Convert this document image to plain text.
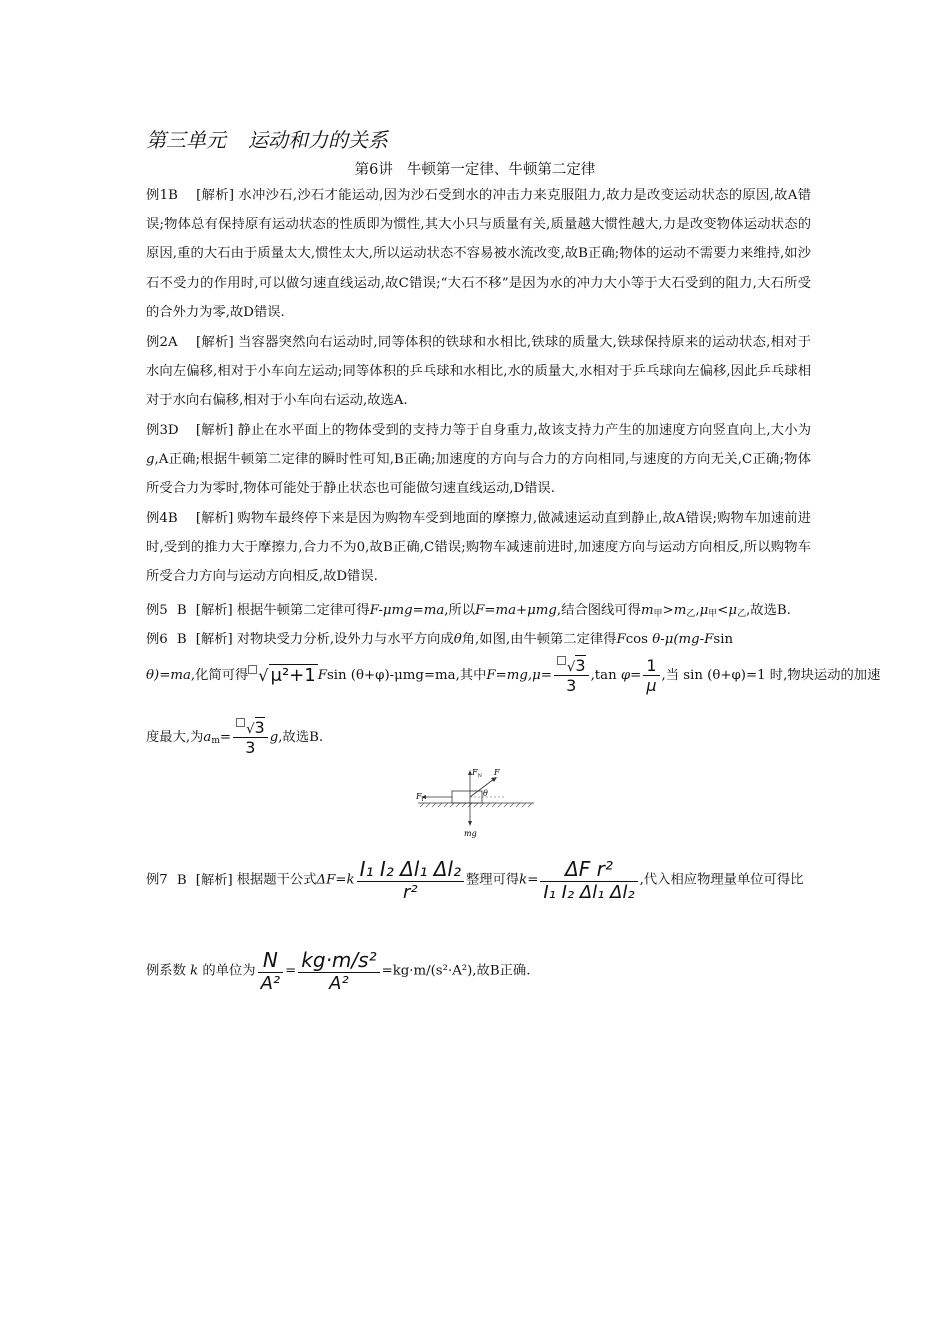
第三单元 运动和力的关系
第6讲 牛顿第一定律、牛顿第二定律
例1B [解析] 水冲沙石,沙石才能运动,因为沙石受到水的冲击力来克服阻力,故力是改变运动状态的原因,故A错误;物体总有保持原有运动状态的性质即为惯性,其大小只与质量有关,质量越大惯性越大,力是改变物体运动状态的原因,重的大石由于质量太大,惯性太大,所以运动状态不容易被水流改变,故B正确;物体的运动不需要力来维持,如沙石不受力的作用时,可以做匀速直线运动,故C错误;“大石不移”是因为水的冲力大小等于大石受到的阻力,大石所受的合外力为零,故D错误.
例2A [解析] 当容器突然向右运动时,同等体积的铁球和水相比,铁球的质量大,铁球保持原来的运动状态,相对于水向左偏移,相对于小车向左运动;同等体积的乒乓球和水相比,水的质量大,水相对于乒乓球向左偏移,因此乒乓球相对于水向右偏移,相对于小车向右运动,故选A.
例3D [解析] 静止在水平面上的物体受到的支持力等于自身重力,故该支持力产生的加速度方向竖直向上,大小为g,A正确;根据牛顿第二定律的瞬时性可知,B正确;加速度的方向与合力的方向相同,与速度的方向无关,C正确;物体所受合力为零时,物体可能处于静止状态也可能做匀速直线运动,D错误.
例4B [解析] 购物车最终停下来是因为购物车受到地面的摩擦力,做减速运动直到静止,故A错误;购物车加速前进时,受到的推力大于摩擦力,合力不为0,故B正确,C错误;购物车减速前进时,加速度方向与运动方向相反,所以购物车所受合力方向与运动方向相反,故D错误.
例5 B [解析] 根据牛顿第二定律可得F-μmg=ma,所以F=ma+μmg,结合图线可得$m_甲>m_乙,\mu_甲<\mu_乙$,故选B.
例6 B [解析] 对物块受力分析,设外力与水平方向成θ角,如图,由牛顿第二定律得Fcos θ-μ(mg-Fsin
θ)=ma,化简可得 √ μ²+1 Fsin (θ+φ)-μmg=ma,其中$F=mg,\mu= \frac{√3}{3} ,\tan$ $\varphi= \frac{1}{\mu}$ ,当 sin (θ+φ)=1 时,物块运动的加速
度最大,为$a_m= \frac{√3}{3} g$,故选B.
$F_N$ F
θ
$F_f$
mg
例7 B [解析] 根据题干公式$\Delta F=k \frac{\text{I₁ I₂ Δl₁ Δl₂}}{\text{r²}}$ 整理可得$k= \frac{\text{ΔF r²}}{\text{I₁ I₂ Δl₁ Δl₂}}$ ,代入相应物理量单位可得比
例系数 k 的单位为 $\frac{N}{\text{A²}} = \frac{\text{kg·m/s²}}{\text{A²}} =kg\cdot m/(s^2\cdot A^2)$,故B正确.
